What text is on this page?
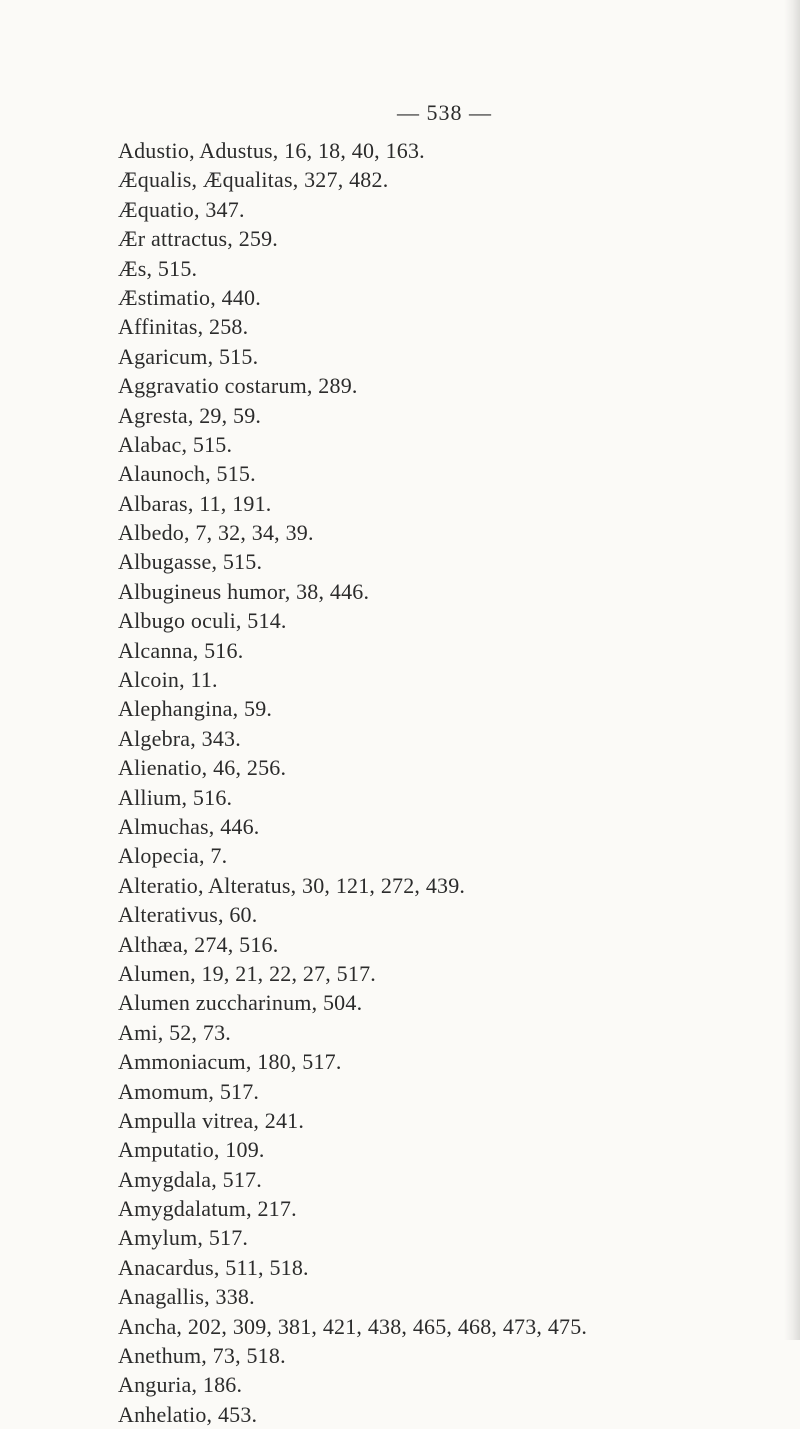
— 538 —
Adustio, Adustus, 16, 18, 40, 163.
Æqualis, Æqualitas, 327, 482.
Æquatio, 347.
Ær attractus, 259.
Æs, 515.
Æstimatio, 440.
Affinitas, 258.
Agaricum, 515.
Aggravatio costarum, 289.
Agresta, 29, 59.
Alabac, 515.
Alaunoch, 515.
Albaras, 11, 191.
Albedo, 7, 32, 34, 39.
Albugasse, 515.
Albugineus humor, 38, 446.
Albugo oculi, 514.
Alcanna, 516.
Alcoin, 11.
Alephangina, 59.
Algebra, 343.
Alienatio, 46, 256.
Allium, 516.
Almuchas, 446.
Alopecia, 7.
Alteratio, Alteratus, 30, 121, 272, 439.
Alterativus, 60.
Althæa, 274, 516.
Alumen, 19, 21, 22, 27, 517.
Alumen zuccharinum, 504.
Ami, 52, 73.
Ammoniacum, 180, 517.
Amomum, 517.
Ampulla vitrea, 241.
Amputatio, 109.
Amygdala, 517.
Amygdalatum, 217.
Amylum, 517.
Anacardus, 511, 518.
Anagallis, 338.
Ancha, 202, 309, 381, 421, 438, 465, 468, 473, 475.
Anethum, 73, 518.
Anguria, 186.
Anhelatio, 453.
